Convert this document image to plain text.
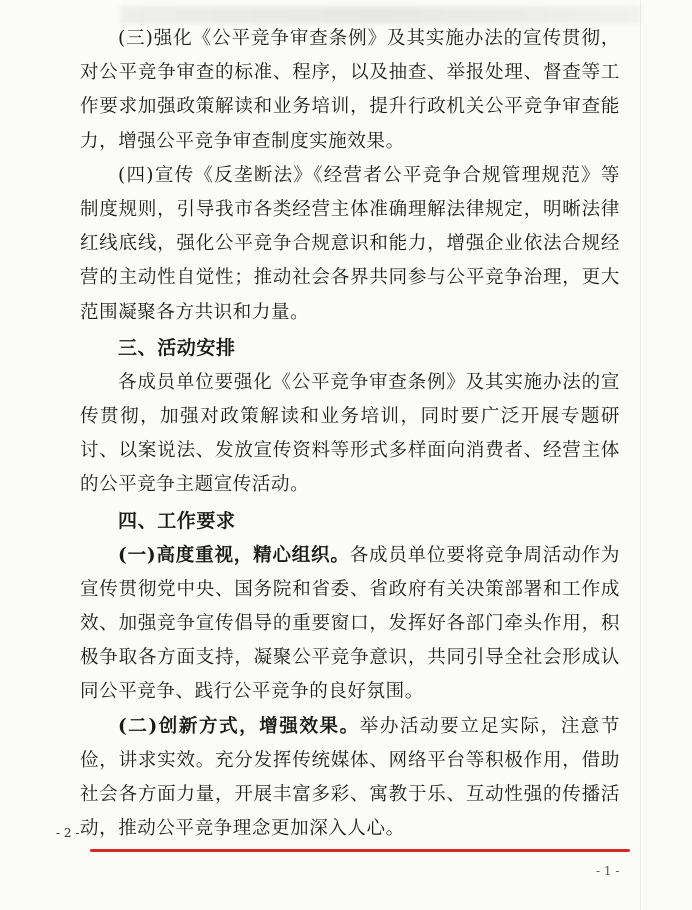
(三)强化《公平竞争审查条例》及其实施办法的宣传贯彻，对公平竞争审查的标准、程序，以及抽查、举报处理、督查等工作要求加强政策解读和业务培训，提升行政机关公平竞争审查能力，增强公平竞争审查制度实施效果。

(四)宣传《反垄断法》《经营者公平竞争合规管理规范》等制度规则，引导我市各类经营主体准确理解法律规定，明晰法律红线底线，强化公平竞争合规意识和能力，增强企业依法合规经营的主动性自觉性；推动社会各界共同参与公平竞争治理，更大范围凝聚各方共识和力量。

三、活动安排

各成员单位要强化《公平竞争审查条例》及其实施办法的宣传贯彻，加强对政策解读和业务培训，同时要广泛开展专题研讨、以案说法、发放宣传资料等形式多样面向消费者、经营主体的公平竞争主题宣传活动。

四、工作要求

(一)高度重视，精心组织。各成员单位要将竞争周活动作为宣传贯彻党中央、国务院和省委、省政府有关决策部署和工作成效、加强竞争宣传倡导的重要窗口，发挥好各部门牵头作用，积极争取各方面支持，凝聚公平竞争意识，共同引导全社会形成认同公平竞争、践行公平竞争的良好氛围。

(二)创新方式，增强效果。举办活动要立足实际，注意节俭，讲求实效。充分发挥传统媒体、网络平台等积极作用，借助社会各方面力量，开展丰富多彩、寓教于乐、互动性强的传播活动，推动公平竞争理念更加深入人心。

- 2 -
- 1 -
